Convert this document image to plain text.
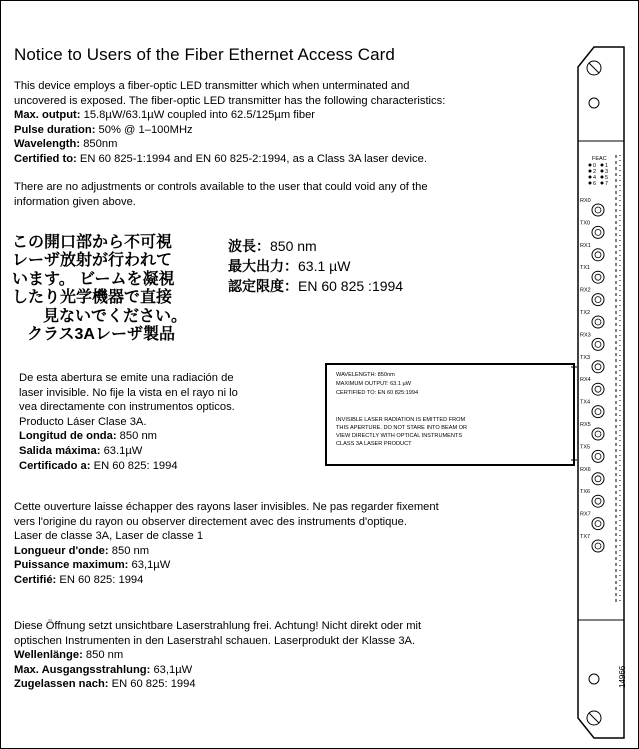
Notice to Users of the Fiber Ethernet Access Card
This device employs a fiber-optic LED transmitter which when unterminated and
uncovered is exposed. The fiber-optic LED transmitter has the following characteristics:
Max. output: 15.8µW/63.1µW coupled into 62.5/125µm fiber
Pulse duration: 50% @ 1–100MHz
Wavelength: 850nm
Certified to: EN 60 825-1:1994 and EN 60 825-2:1994, as a Class 3A laser device.
There are no adjustments or controls available to the user that could void any of the
information given above.
この開口部から不可視
レーザ放射が行われて
います。 ビームを凝視
したり光学機器で直接
見ないでください。
クラス3Aレーザ製品
波長：850 nm
最大出力：63.1 µW
認定限度：EN 60 825 :1994
De esta abertura se emite una radiación de
laser invisible. No fije la vista en el rayo ni lo
vea directamente con instrumentos opticos.
Producto Láser Clase 3A.
Longitud de onda: 850 nm
Salida máxima: 63.1µW
Certificado a: EN 60 825: 1994
WAVELENGTH: 850nm
MAXIMUM OUTPUT: 63.1 µW
CERTIFIED TO: EN 60 825:1994
INVISIBLE LASER RADIATION IS EMITTED FROM
THIS APERTURE. DO NOT STARE INTO BEAM OR
VIEW DIRECTLY WITH OPTICAL INSTRUMENTS
CLASS 3A LASER PRODUCT
Cette ouverture laisse échapper des rayons laser invisibles. Ne pas regarder fixement
vers l'origine du rayon ou observer directement avec des instruments d'optique.
Laser de classe 3A, Laser de classe 1
Longueur d'onde: 850 nm
Puissance maximum: 63,1µW
Certifié: EN 60 825: 1994
Diese Öffnung setzt unsichtbare Laserstrahlung frei. Achtung! Nicht direkt oder mit
optischen Instrumenten in den Laserstrahl schauen. Laserprodukt der Klasse 3A.
Wellenlänge: 850 nm
Max. Ausgangsstrahlung: 63,1µW
Zugelassen nach: EN 60 825: 1994
FEAC
0 1
2 3
4 5
6 7
RX0
TX0
RX1
TX1
RX2
TX2
RX3
TX3
RX4
TX4
RX5
TX5
RX6
TX6
RX7
TX7
14966
